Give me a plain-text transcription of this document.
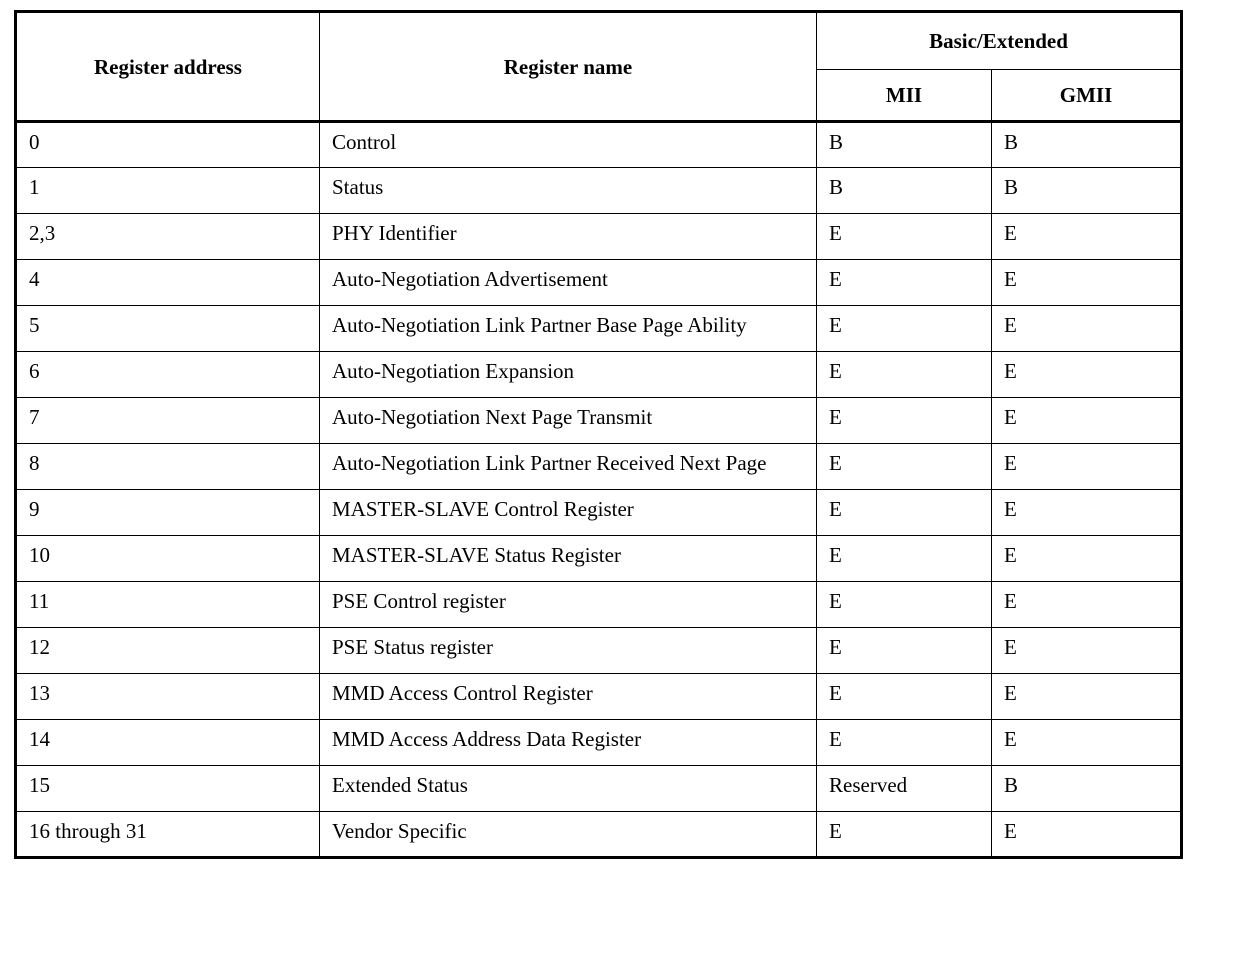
Register address	Register name	Basic/Extended	
		MII	GMII
0	Control	B	B
1	Status	B	B
2,3	PHY Identifier	E	E
4	Auto-Negotiation Advertisement	E	E
5	Auto-Negotiation Link Partner Base Page Ability	E	E
6	Auto-Negotiation Expansion	E	E
7	Auto-Negotiation Next Page Transmit	E	E
8	Auto-Negotiation Link Partner Received Next Page	E	E
9	MASTER-SLAVE Control Register	E	E
10	MASTER-SLAVE Status Register	E	E
11	PSE Control register	E	E
12	PSE Status register	E	E
13	MMD Access Control Register	E	E
14	MMD Access Address Data Register	E	E
15	Extended Status	Reserved	B
16 through 31	Vendor Specific	E	E
